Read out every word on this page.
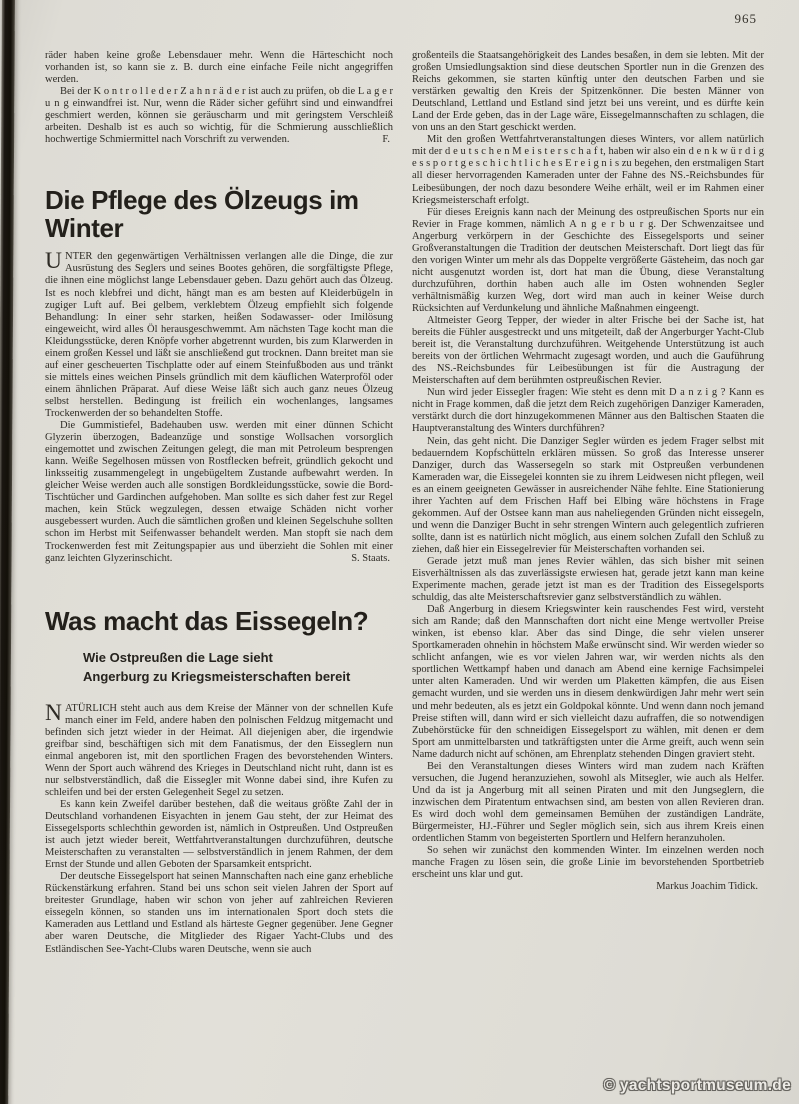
965

räder haben keine große Lebensdauer mehr. Wenn die Härteschicht noch vorhanden ist, so kann sie z. B. durch eine einfache Feile nicht angegriffen werden.

Bei der K o n t r o l l e d e r Z a h n r ä d e r ist auch zu prüfen, ob die L a g e r u n g einwandfrei ist. Nur, wenn die Räder sicher geführt sind und einwandfrei geschmiert werden, können sie geräuscharm und mit geringstem Verschleiß arbeiten. Deshalb ist es auch so wichtig, für die Schmierung ausschließlich hochwertige Schmiermittel nach Vorschrift zu verwenden.	F.

Die Pflege des Ölzeugs im Winter

UNTER den gegenwärtigen Verhältnissen verlangen alle die Dinge, die zur Ausrüstung des Seglers und seines Bootes gehören, die sorgfältigste Pflege, die ihnen eine möglichst lange Lebensdauer geben. Dazu gehört auch das Ölzeug. Ist es noch klebfrei und dicht, hängt man es am besten auf Kleiderbügeln in zugiger Luft auf. Bei gelbem, verklebtem Ölzeug empfiehlt sich folgende Behandlung: In einer sehr starken, heißen Sodawasser- oder Imilösung eingeweicht, wird alles Öl herausgeschwemmt. Am nächsten Tage kocht man die Kleidungsstücke, deren Knöpfe vorher abgetrennt wurden, bis zum Klarwerden in einem großen Kessel und läßt sie anschließend gut trocknen. Dann breitet man sie auf einer gescheuerten Tischplatte oder auf einem Steinfußboden aus und tränkt sie mittels eines weichen Pinsels gründlich mit dem käuflichen Waterproföl oder einem ähnlichen Präparat. Auf diese Weise läßt sich auch ganz neues Ölzeug selbst herstellen. Bedingung ist freilich ein wochenlanges, langsames Trockenwerden der so behandelten Stoffe.

Die Gummistiefel, Badehauben usw. werden mit einer dünnen Schicht Glyzerin überzogen, Badeanzüge und sonstige Wollsachen vorsorglich eingemottet und zwischen Zeitungen gelegt, die man mit Petroleum besprengen kann. Weiße Segelhosen müssen von Rostflecken befreit, gründlich gekocht und linksseitig zusammengelegt in ungebügeltem Zustande aufbewahrt werden. In gleicher Weise werden auch alle sonstigen Bordkleidungsstücke, sowie die Bord-Tischtücher und Gardinchen aufgehoben. Man sollte es sich daher fest zur Regel machen, kein Stück wegzulegen, dessen etwaige Schäden nicht vorher ausgebessert wurden. Auch die sämtlichen großen und kleinen Segelschuhe sollten schon im Herbst mit Seifenwasser behandelt werden. Man stopft sie nach dem Trockenwerden fest mit Zeitungspapier aus und überzieht die Sohlen mit einer ganz leichten Glyzerinschicht.	S. Staats.

Was macht das Eissegeln?
Wie Ostpreußen die Lage sieht
Angerburg zu Kriegsmeisterschaften bereit

NATÜRLICH steht auch aus dem Kreise der Männer von der schnellen Kufe manch einer im Feld, andere haben den polnischen Feldzug mitgemacht und befinden sich jetzt wieder in der Heimat. All diejenigen aber, die irgendwie greifbar sind, beschäftigen sich mit dem Fanatismus, der den Eisseglern nun einmal angeboren ist, mit den sportlichen Fragen des bevorstehenden Winters. Wenn der Sport auch während des Krieges in Deutschland nicht ruht, dann ist es nur selbstverständlich, daß die Eissegler mit Wonne dabei sind, ihre Kufen zu schleifen und bei der ersten Gelegenheit Segel zu setzen.

Es kann kein Zweifel darüber bestehen, daß die weitaus größte Zahl der in Deutschland vorhandenen Eisyachten in jenem Gau steht, der zur Heimat des Eissegelsports schlechthin geworden ist, nämlich in Ostpreußen. Und Ostpreußen ist auch jetzt wieder bereit, Wettfahrtveranstaltungen durchzuführen, deutsche Meisterschaften zu veranstalten — selbstverständlich in jenem Rahmen, der dem Ernst der Stunde und allen Geboten der Sparsamkeit entspricht.

Der deutsche Eissegelsport hat seinen Mannschaften nach eine ganz erhebliche Rückenstärkung erfahren. Stand bei uns schon seit vielen Jahren der Sport auf breitester Grundlage, haben wir schon von jeher auf zahlreichen Revieren eissegeln können, so standen uns im internationalen Sport doch stets die Kameraden aus Lettland und Estland als härteste Gegner gegenüber. Jene Gegner aber waren Deutsche, die Mitglieder des Rigaer Yacht-Clubs und des Estländischen See-Yacht-Clubs waren Deutsche, wenn sie auch

großenteils die Staatsangehörigkeit des Landes besaßen, in dem sie lebten. Mit der großen Umsiedlungsaktion sind diese deutschen Sportler nun in die Grenzen des Reichs gekommen, sie starten künftig unter den deutschen Farben und sie verstärken gewaltig den Kreis der Spitzenkönner. Die besten Männer von Deutschland, Lettland und Estland sind jetzt bei uns vereint, und es dürfte kein Land der Erde geben, das in der Lage wäre, Eissegelmannschaften zu schlagen, die von uns an den Start geschickt werden.

Mit den großen Wettfahrtveranstaltungen dieses Winters, vor allem natürlich mit der d e u t s c h e n M e i s t e r s c h a f t, haben wir also ein d e n k w ü r d i g e s s p o r t g e s c h i c h t l i c h e s E r e i g n i s zu begehen, den erstmaligen Start all dieser hervorragenden Kameraden unter der Fahne des NS.-Reichsbundes für Leibesübungen, der noch dazu besondere Weihe erhält, weil er im Rahmen einer Kriegsmeisterschaft erfolgt.

Für dieses Ereignis kann nach der Meinung des ostpreußischen Sports nur ein Revier in Frage kommen, nämlich A n g e r b u r g. Der Schwenzaitsee und Angerburg verkörpern in der Geschichte des Eissegelsports und seiner Großveranstaltungen die Tradition der deutschen Meisterschaft. Dort liegt das für den vorigen Winter um mehr als das Doppelte vergrößerte Gästeheim, das noch gar nicht ausgenutzt worden ist, dort hat man die Übung, diese Veranstaltung durchzuführen, dorthin haben auch alle im Osten wohnenden Segler verhältnismäßig kurzen Weg, dort wird man auch in keiner Weise durch Rücksichten auf Verdunkelung und ähnliche Maßnahmen eingeengt.

Altmeister Georg Tepper, der wieder in alter Frische bei der Sache ist, hat bereits die Fühler ausgestreckt und uns mitgeteilt, daß der Angerburger Yacht-Club bereit ist, die Veranstaltung durchzuführen. Weitgehende Unterstützung ist auch bereits von der örtlichen Wehrmacht zugesagt worden, und auch die Gauführung des NS.-Reichsbundes für Leibesübungen ist für die Austragung der Meisterschaften auf dem berühmten ostpreußischen Revier.

Nun wird jeder Eissegler fragen: Wie steht es denn mit D a n z i g ? Kann es nicht in Frage kommen, daß die jetzt dem Reich zugehörigen Danziger Kameraden, verstärkt durch die dort hinzugekommenen Männer aus den Baltischen Staaten die Hauptveranstaltung des Winters durchführen?

Nein, das geht nicht. Die Danziger Segler würden es jedem Frager selbst mit bedauerndem Kopfschütteln erklären müssen. So groß das Interesse unserer Danziger, durch das Wassersegeln so stark mit Ostpreußen verbundenen Kameraden war, die Eissegelei konnten sie zu ihrem Leidwesen nicht pflegen, weil es an einem geeigneten Gewässer in ausreichender Nähe fehlte. Eine Stationierung ihrer Yachten auf dem Frischen Haff bei Elbing wäre höchstens in Frage gekommen. Auf der Ostsee kann man aus naheliegenden Gründen nicht eissegeln, und wenn die Danziger Bucht in sehr strengen Wintern auch gelegentlich zufrieren sollte, dann ist es natürlich nicht möglich, aus einem solchen Zufall den Schluß zu ziehen, daß hier ein Eissegelrevier für Meisterschaften vorhanden sei.

Gerade jetzt muß man jenes Revier wählen, das sich bisher mit seinen Eisverhältnissen als das zuverlässigste erwiesen hat, gerade jetzt kann man keine Experimente machen, gerade jetzt ist man es der Tradition des Eissegelsports schuldig, das alte Meisterschaftsrevier ganz selbstverständlich zu wählen.

Daß Angerburg in diesem Kriegswinter kein rauschendes Fest wird, versteht sich am Rande; daß den Mannschaften dort nicht eine Menge wertvoller Preise winken, ist ebenso klar. Aber das sind Dinge, die sehr vielen unserer Sportkameraden ohnehin in höchstem Maße erwünscht sind. Wir werden wieder so schlicht anfangen, wie es vor vielen Jahren war, wir werden nichts als den sportlichen Wettkampf haben und danach am Abend eine kernige Fachsimpelei unter alten Kameraden. Und wir werden um Plaketten kämpfen, die aus Eisen gemacht wurden, und sie werden uns in diesem denkwürdigen Jahr mehr wert sein und mehr bedeuten, als es jetzt ein Goldpokal könnte. Und wenn dann noch jemand Preise stiften will, dann wird er sich vielleicht dazu aufraffen, die so notwendigen Zubehörstücke für den schneidigen Eissegelsport zu wählen, mit denen er dem Sport am unmittelbarsten und tatkräftigsten unter die Arme greift, auch wenn sein Name dadurch nicht auf schönen, am Ehrenplatz stehenden Dingen graviert steht.

Bei den Veranstaltungen dieses Winters wird man zudem nach Kräften versuchen, die Jugend heranzuziehen, sowohl als Mitsegler, wie auch als Helfer. Und da ist ja Angerburg mit all seinen Piraten und mit den Jungseglern, die inzwischen dem Piratentum entwachsen sind, am besten von allen Revieren dran. Es wird doch wohl dem gemeinsamen Bemühen der zuständigen Landräte, Bürgermeister, HJ.-Führer und Segler möglich sein, sich aus ihrem Kreis einen ordentlichen Stamm von begeisterten Sportlern und Helfern heranzuholen.

So sehen wir zunächst den kommenden Winter. Im einzelnen werden noch manche Fragen zu lösen sein, die große Linie im bevorstehenden Sportbetrieb erscheint uns klar und gut.

Markus Joachim Tidick.

© yachtsportmuseum.de
